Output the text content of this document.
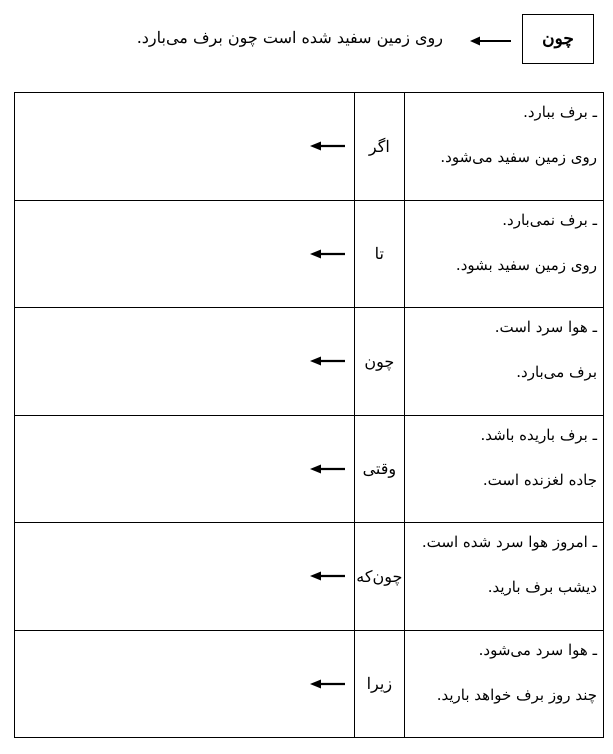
چون
روی زمین سفید شده است چون برف می‌بارد.
	اگر	ـ برف ببارد.
روی زمین سفید می‌شود.

	تا	ـ برف نمی‌بارد.
روی زمین سفید بشود.

	چون	ـ هوا سرد است.
برف می‌بارد.

	وقتی	ـ برف باریده باشد.
جاده لغزنده است.

	چون‌که	ـ امروز هوا سرد شده است.
دیشب برف بارید.

	زیرا	ـ هوا سرد می‌شود.
چند روز برف خواهد بارید.
